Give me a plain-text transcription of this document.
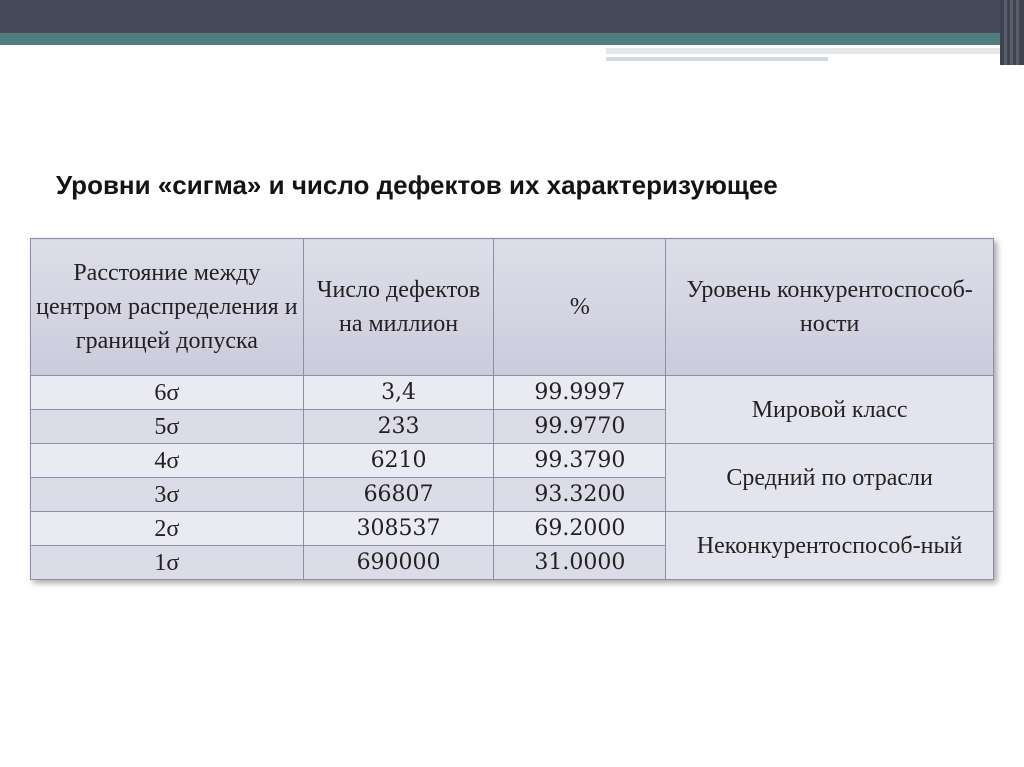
Уровни «сигма» и число дефектов их характеризующее
Расстояние между центром распределения и границей допуска	Число дефектов на миллион	%	Уровень конкурентоспособ-ности
6σ	3,4	99.9997	Мировой класс
5σ	233	99.9770	
4σ	6210	99.3790	Средний по отрасли
3σ	66807	93.3200	
2σ	308537	69.2000	Неконкурентоспособ-ный
1σ	690000	31.0000	
